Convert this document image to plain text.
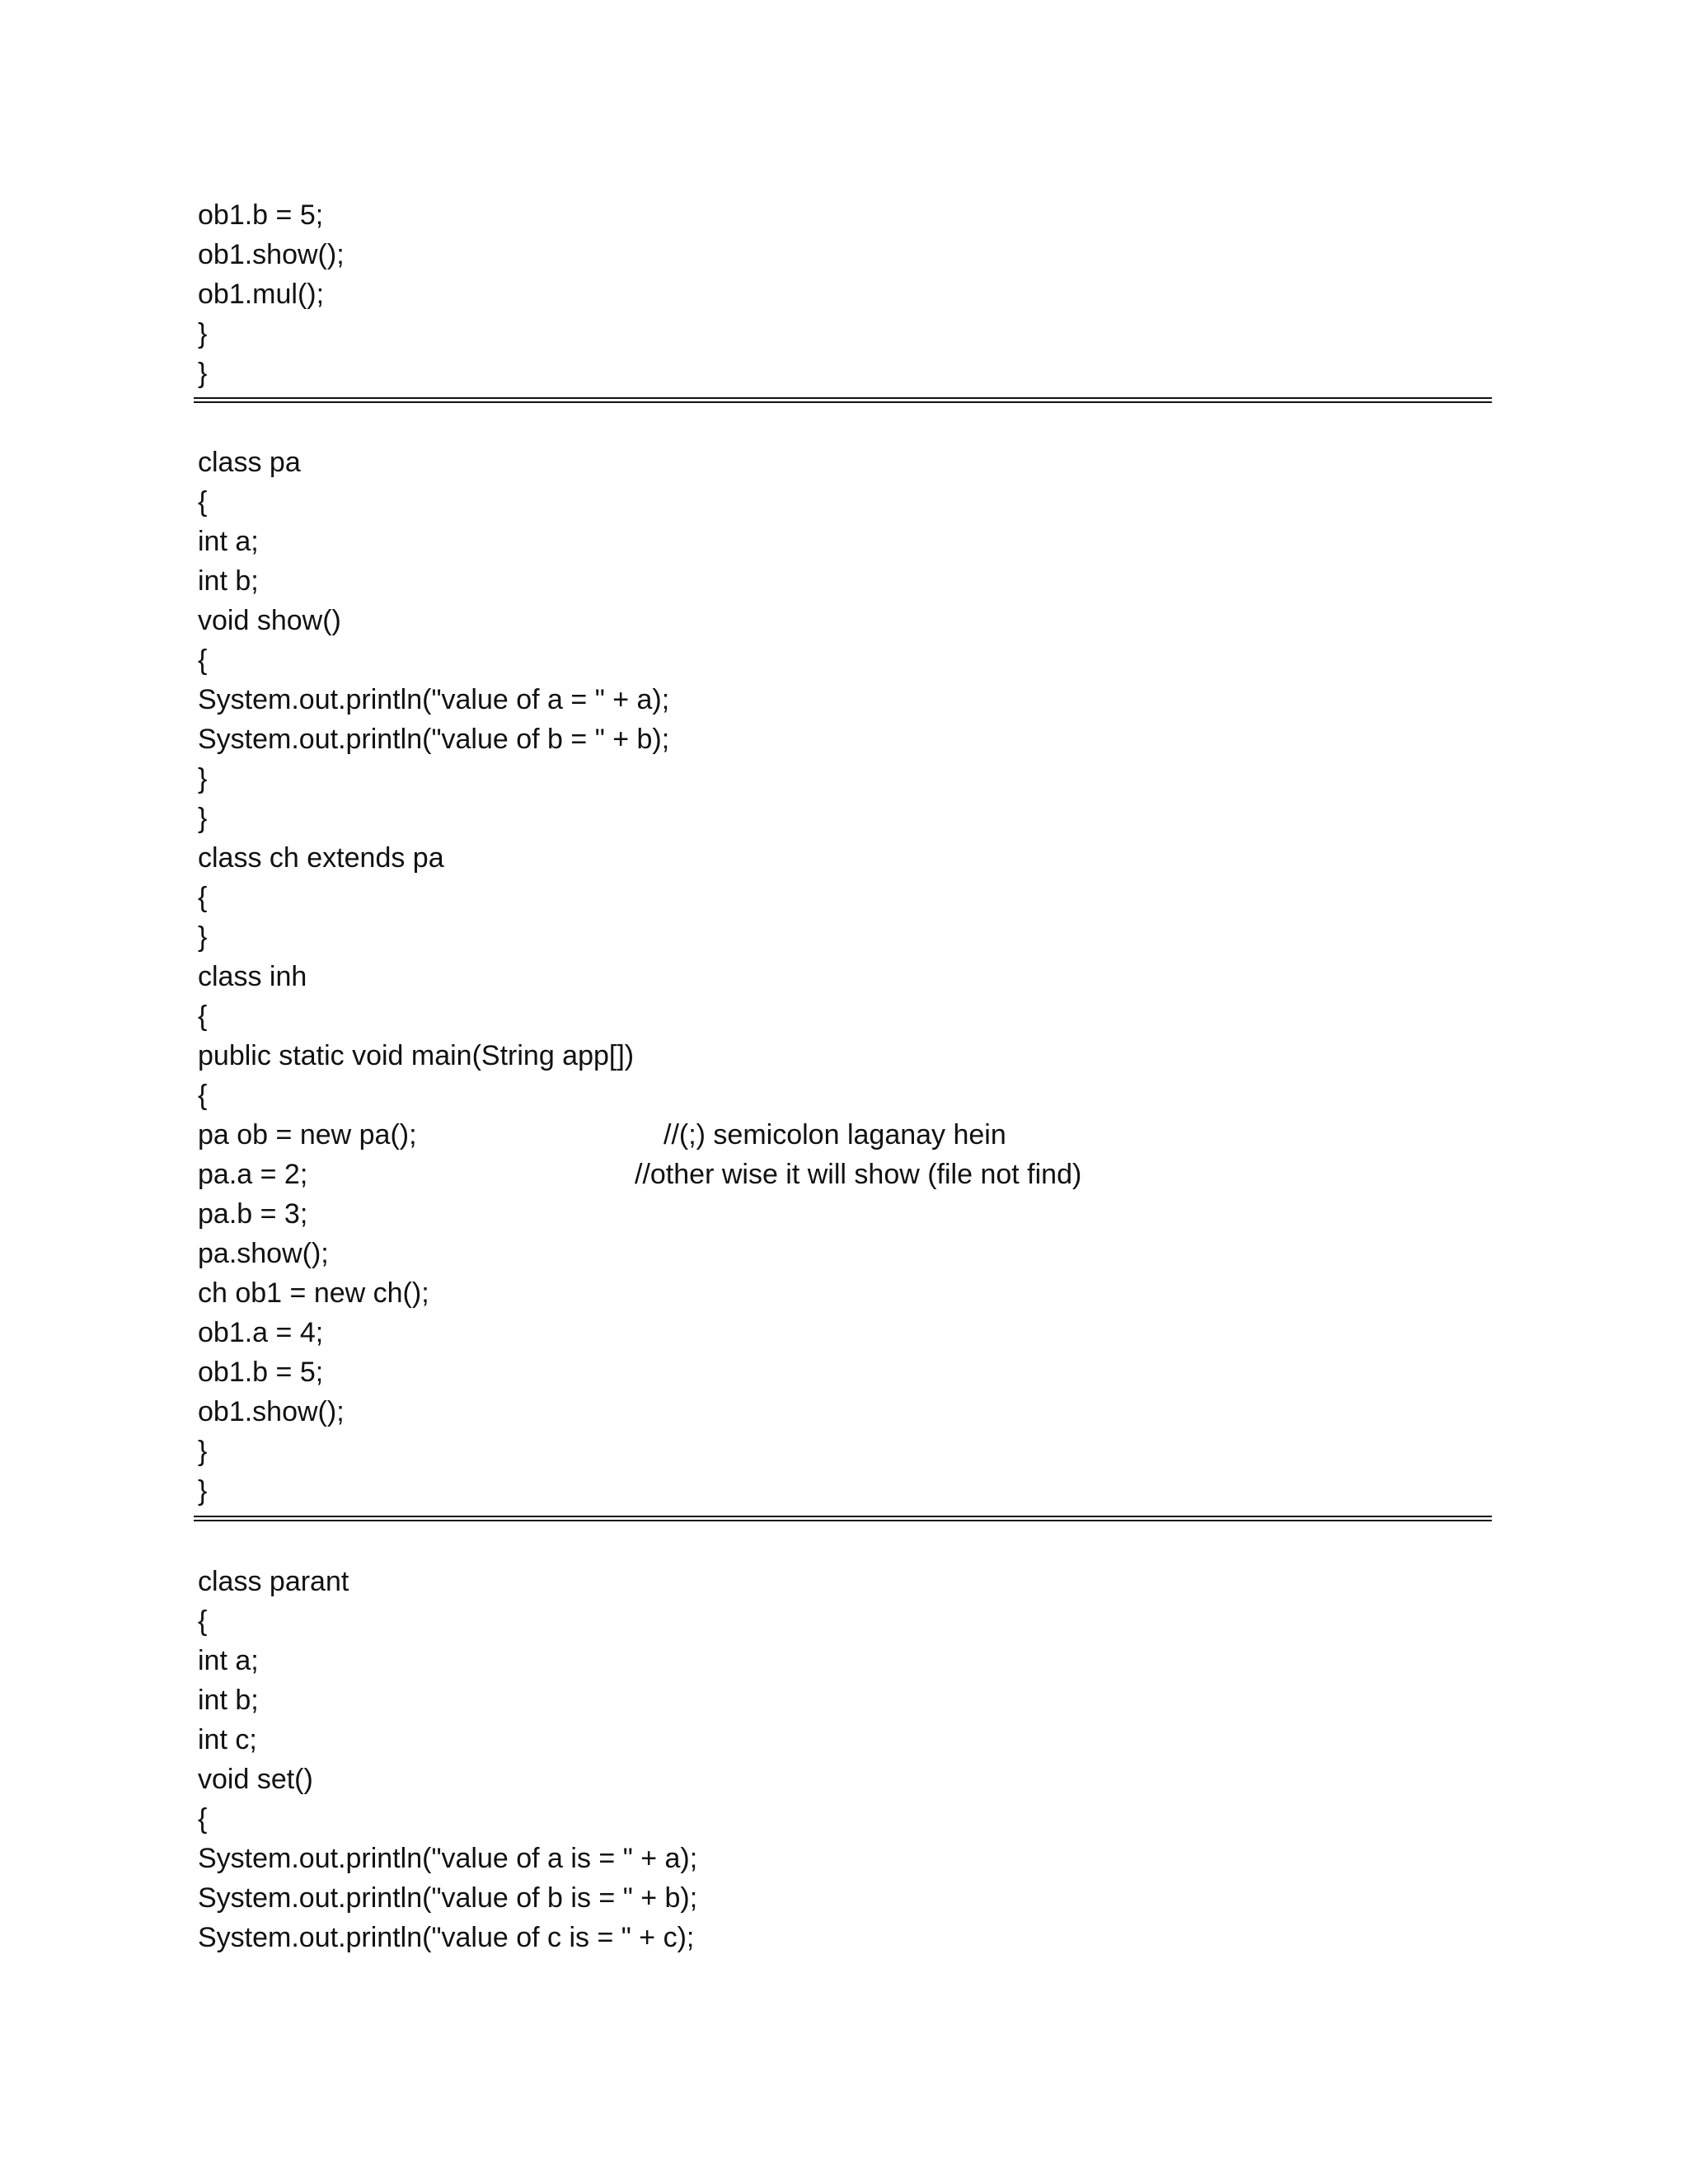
ob1.b = 5;
ob1.show();
ob1.mul();
}
}
class pa
{
int a;
int b;
void show()
{
System.out.println("value of a = " + a);
System.out.println("value of b = " + b);
}
}
class ch extends pa
{
}
class inh
{
public static void main(String app[])
{
pa ob = new pa();	//(;) semicolon laganay hein
pa.a = 2;	//other wise it will show (file not find)
pa.b = 3;
pa.show();
ch ob1 = new ch();
ob1.a = 4;
ob1.b = 5;
ob1.show();
}
}
class parant
{
int a;
int b;
int c;
void set()
{
System.out.println("value of a is = " + a);
System.out.println("value of b is = " + b);
System.out.println("value of c is = " + c);
